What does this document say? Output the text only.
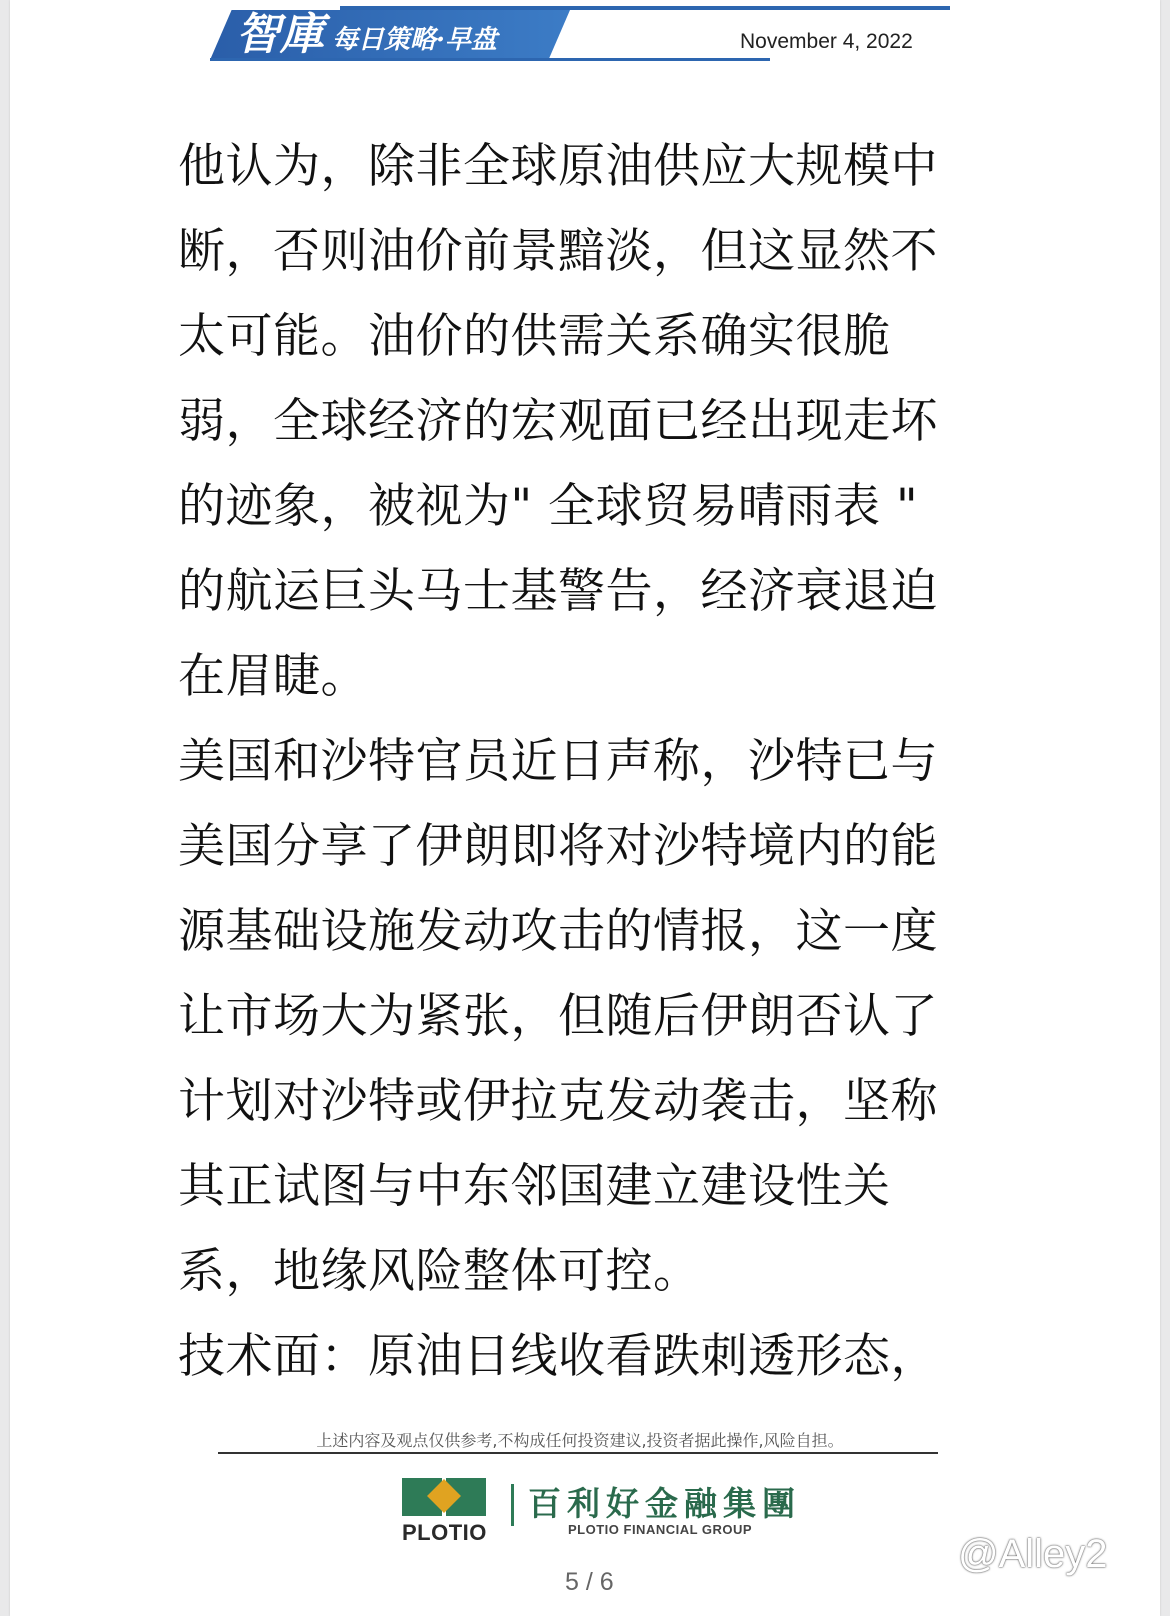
智庫 每日策略·早盘	November 4, 2022
他认为，除非全球原油供应大规模中
断，否则油价前景黯淡，但这显然不
太可能。油价的供需关系确实很脆
弱，全球经济的宏观面已经出现走坏
的迹象，被视为" 全球贸易晴雨表 "
的航运巨头马士基警告，经济衰退迫
在眉睫。
美国和沙特官员近日声称，沙特已与
美国分享了伊朗即将对沙特境内的能
源基础设施发动攻击的情报，这一度
让市场大为紧张，但随后伊朗否认了
计划对沙特或伊拉克发动袭击，坚称
其正试图与中东邻国建立建设性关
系，地缘风险整体可控。
技术面：原油日线收看跌刺透形态，
上述内容及观点仅供参考,不构成任何投资建议,投资者据此操作,风险自担。
PLOTIO
百利好金融集團
PLOTIO FINANCIAL GROUP
5 / 6
@Alley2
